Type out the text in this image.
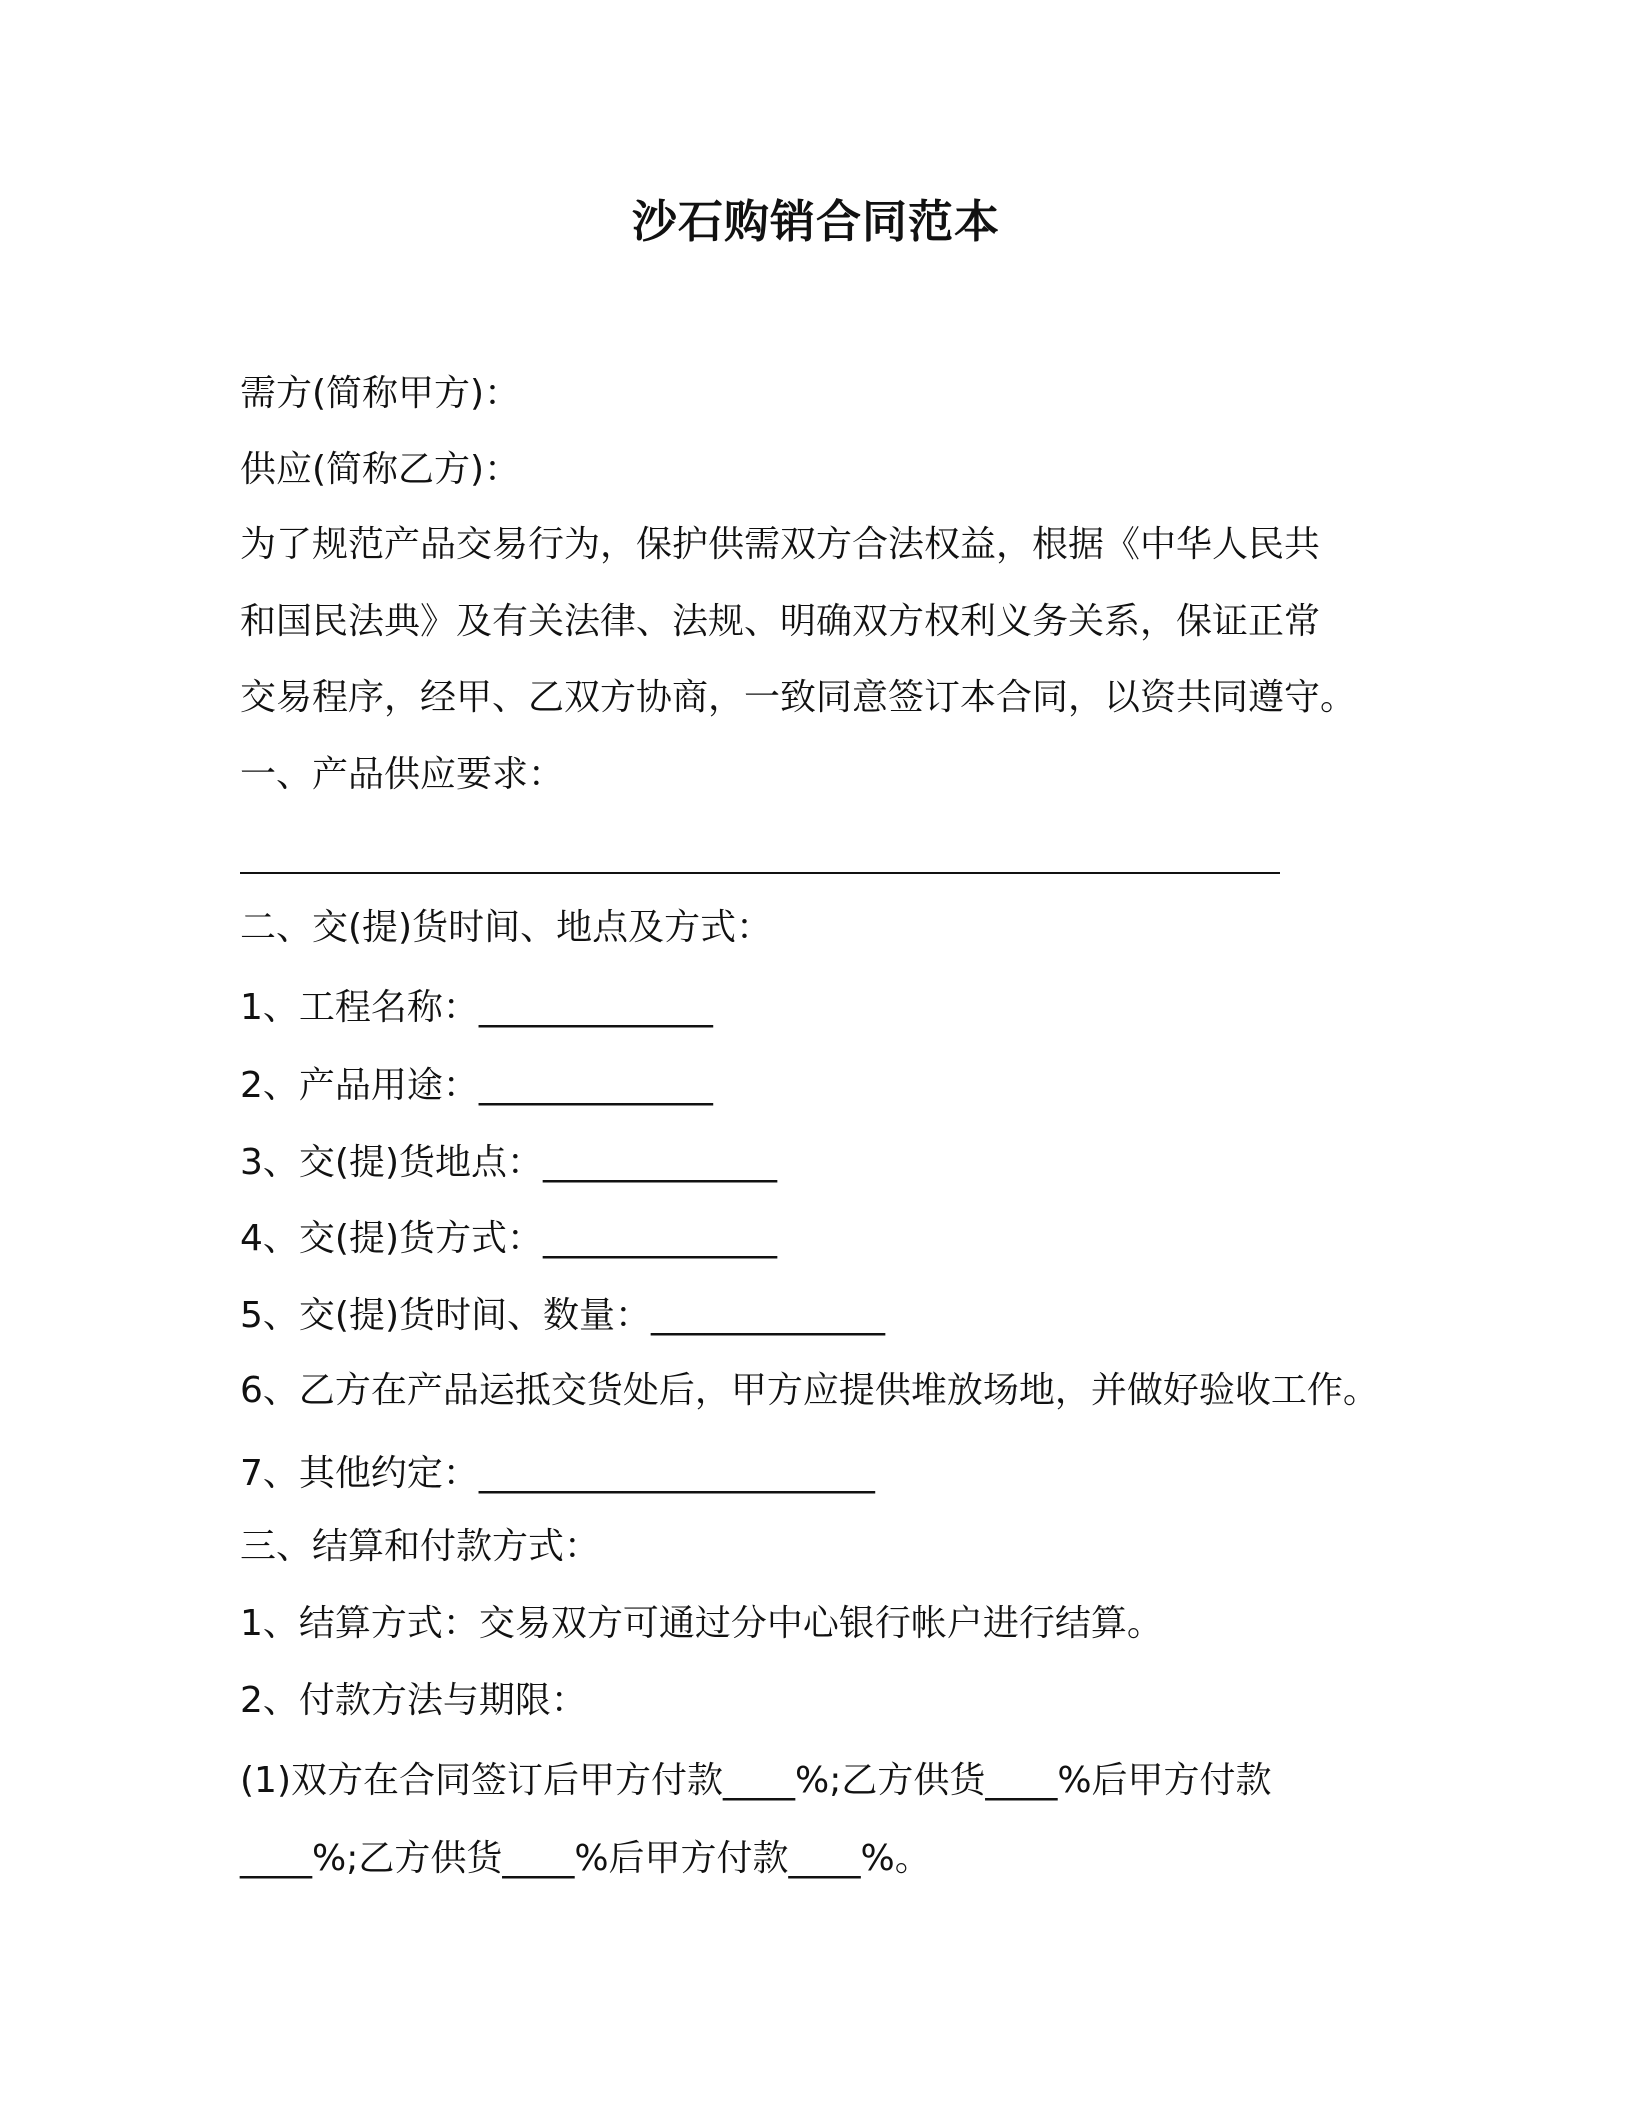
沙石购销合同范本
需方(简称甲方)：
供应(简称乙方)：
为了规范产品交易行为，保护供需双方合法权益，根据《中华人民共
和国民法典》及有关法律、法规、明确双方权利义务关系，保证正常
交易程序，经甲、乙双方协商，一致同意签订本合同，以资共同遵守。
一、产品供应要求：
二、交(提)货时间、地点及方式：
1、工程名称：_____________
2、产品用途：_____________
3、交(提)货地点：_____________
4、交(提)货方式：_____________
5、交(提)货时间、数量：_____________
6、乙方在产品运抵交货处后，甲方应提供堆放场地，并做好验收工作。
7、其他约定：______________________
三、结算和付款方式：
1、结算方式：交易双方可通过分中心银行帐户进行结算。
2、付款方法与期限：
(1)双方在合同签订后甲方付款____%;乙方供货____%后甲方付款
____%;乙方供货____%后甲方付款____%。
